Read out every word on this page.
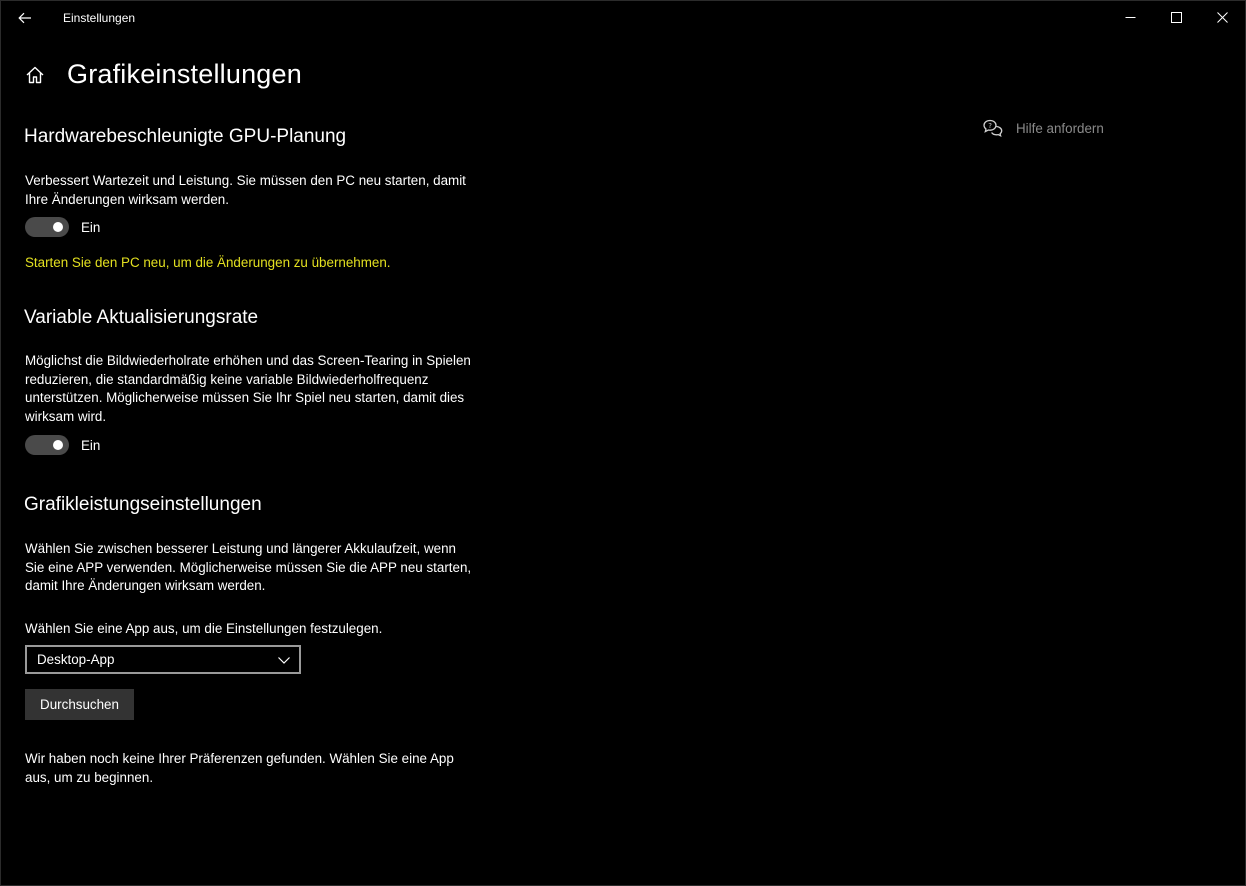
Einstellungen
Grafikeinstellungen
? Hilfe anfordern
Hardwarebeschleunigte GPU-Planung
Verbessert Wartezeit und Leistung. Sie müssen den PC neu starten, damit Ihre Änderungen wirksam werden.
Ein
Starten Sie den PC neu, um die Änderungen zu übernehmen.
Variable Aktualisierungsrate
Möglichst die Bildwiederholrate erhöhen und das Screen-Tearing in Spielen reduzieren, die standardmäßig keine variable Bildwiederholfrequenz unterstützen. Möglicherweise müssen Sie Ihr Spiel neu starten, damit dies wirksam wird.
Ein
Grafikleistungseinstellungen
Wählen Sie zwischen besserer Leistung und längerer Akkulaufzeit, wenn Sie eine APP verwenden. Möglicherweise müssen Sie die APP neu starten, damit Ihre Änderungen wirksam werden.
Wählen Sie eine App aus, um die Einstellungen festzulegen.
Desktop-App
Durchsuchen
Wir haben noch keine Ihrer Präferenzen gefunden. Wählen Sie eine App aus, um zu beginnen.
